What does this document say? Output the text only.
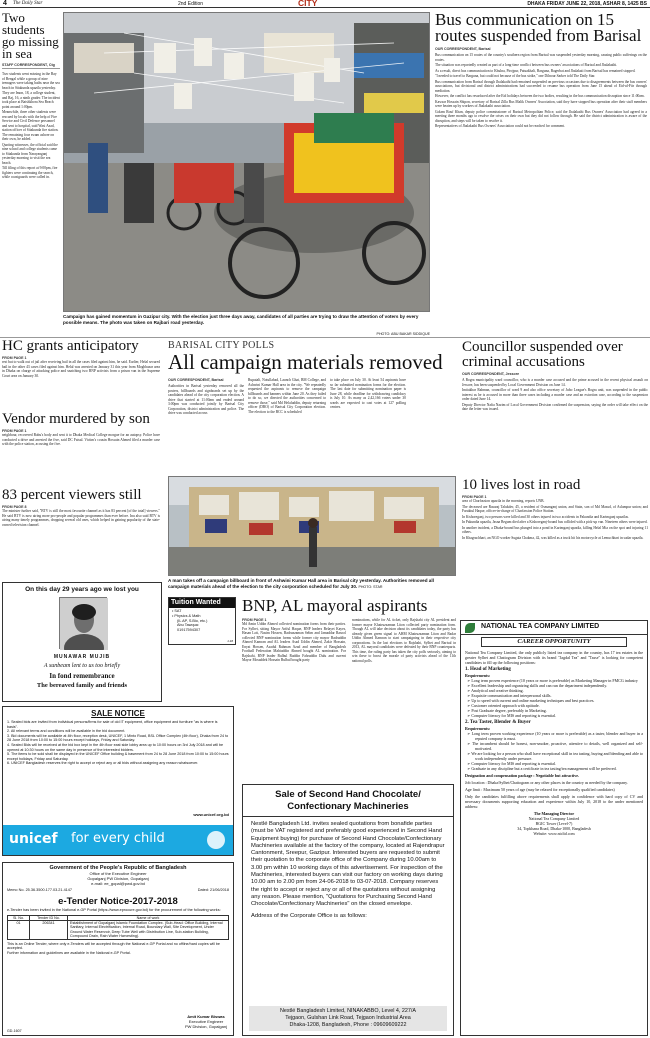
4 The Daily Star	2nd Edition	CITY	DHAKA FRIDAY JUNE 22, 2018, ASHAR 8, 1425 BS
Two students go missing in sea
STAFF CORRESPONDENT, Ctg

Two students went missing in the Bay of Bengal while a group of nine teenagers were taking baths near the sea beach in Sitakunda upazila yesterday.

They are Imon, 18, a college student, and Raj, 16, a ninth grader. The incident took place at Baishkhora Sea Beach point around 1:00pm.

Meanwhile, three other students were rescued by locals with the help of Fire Service and Civil Defence personnel and sent to hospital, said Wasi Azad, station officer of Sitakunda fire station. The remaining four swam ashore on their own, he added.

Quoting witnesses, the official said the nine school and college students came to Sitakunda from Narayanganj yesterday morning to visit the sea beach.

Till filing of this report at 9:00pm, fire fighters were continuing the search, while coastguards were called in.

Campaign has gained momentum in Gazipur city. With the election just three days away, candidates of all parties are trying to draw the attention of voters by every possible means. The photo was taken on Rajbari road yesterday.
PHOTO: ABU BAKAR SIDDIQUE
Bus communication on 15 routes suspended from Barisal
OUR CORRESPONDENT, Barisal

Bus communication on 15 routes of the country's southern region from Barisal was suspended yesterday morning, causing public sufferings on the routes.

The situation was reportedly created as part of a long-time conflict between bus owners' associations of Barisal and Jhalakathi.

As a result, direct bus communication to Khulna, Pirojpur, Patuakhali, Barguna, Bagerhat and Jhalakati from Barisal has remained stopped.

"I needed to travel to Barguna, but could not because of the bus strike," one Dilnour Sarker told The Daily Star.

Bus communication from Barisal through Jhalakathi had remained suspended on previous occasions due to disagreements between the bus owners' associations, but divisional and district administrations had succeeded to resume bus operation from June 15 ahead of Eid-ul-Fitr through mediation.

However, the conflict has resurfaced after the Eid holidays between the two bodies, resulting in the bus communication disruption since 11:00am.

Kawsar Hossain Shipon, secretary of Barisal Zilla Bus Malik Owners' Association, said they have stopped bus operation after their staff members were beaten up by workers of Jhalakathi association.

Golam Rouf Khan, deputy police commissioner of Barisal Metropolitan Police, said the Jhalakathi Bus Owners' Association had agreed in a meeting three months ago to resolve the crises on their own but they did not follow through. He said the district administration is aware of the disruption, and steps will be taken to resolve it.

Representatives of Jhalakathi Bus Owners' Association could not be reached for comment.

HC grants anticipatory
FROM PAGE 1
rest but to walk out of jail after receiving bail in all the cases filed against him, he said. Earlier, Helal secured bail in the other 43 cases filed against him. Helal was arrested on January 31 this year from Moghbazar area in Dhaka on charge of attacking police and snatching two BNP activists from a prison van in the Supreme Court area on January 30.
Vendor murdered by son
FROM PAGE 1
neighbour, recovered Babu's body and sent it to Dhaka Medical College morgue for an autopsy. Police have conducted a drive and arrested the five, said DC Faisal. Victim's cousin Hossain Ahmed filed a murder case with the police station, accusing the five.
83 percent viewers still
FROM PAGE 8
The minister further said, "BTV is still the most favourite channel as it has 83 percent [of the total] viewers." He said BTV is now airing more pro-people and popular programmes than ever before. Inu also said BTV is airing many timely programmes, dropping several old ones, which helped in gaining popularity of the state-owned television channel.
BARISAL CITY POLLS
All campaign materials removed
OUR CORRESPONDENT, Barisal
Authorities in Barisal yesterday removed all the posters, billboards and signboards set up by the candidates ahead of the city corporation election. A drive that started at 11:00am and ended around 3:00pm was conducted jointly by Barisal City Corporation, district administration and police. The drive was conducted across
Rupatali, Notullabad, Launch Ghat, BM College, and Ashwini Kumar Hall area in the city. "We repeatedly requested the aspirants to remove the campaign billboards and banners within June 20. As they failed to do so, we directed the authorities concerned to remove those," said Md Helaluddin, deputy returning officer (DRO) of Barisal City Corporation election. The election to the BCC is scheduled
to take place on July 30. At least 54 aspirants have so far submitted nomination forms for the election. The last date for submitting nomination paper is June 28, while deadline for withdrawing candidacy is July 10. As many as 2,42,166 voters under 30 wards are expected to cast votes at 127 polling centres.
A man takes off a campaign billboard in front of Ashwini Kumar Hall area in Barisal city yesterday. Authorities removed all campaign materials ahead of the election to the city corporation scheduled for July 30. PHOTO: STAR
Councillor suspended over criminal accusations
OUR CORRESPONDENT, Jessore

A Bogra municipality ward councillor, who is a murder case accused and the prime accused in the recent physical assault on Jessore, has been suspended by Local Government Division on June 14.

Imtiakhar Rahman, councillor of ward 9 and also office secretary of Jubo League's Bogra unit, was suspended in the public interest as he is accused in more than three cases including a murder case and an extortion case, according to the suspension order dated June 14.

Deputy Director Nafia Nazim of Local Government Division confirmed the suspension, saying the order will take effect on the date the letter was issued.

10 lives lost in road
FROM PAGE 1

area of Charfassion upazila in the morning, reports UNB.

The deceased are Rasaraj Talukder, 45, a resident of Osmanganj union, and Stain, son of Md Masud, of Aslampur union; and Faruktul Haque, officer-in-charge of Charfassion Police Station.

In Kishoreganj, two persons were killed and 30 others injured in two accidents in Pakundia and Karimganj upazilas.

In Pakundia upazila, Jasna Begum died after a Kishoreganj-bound bus collided with a pick-up van. Nineteen others were injured.

In another incident, a Dhaka-bound bus plunged into a pond in Karimganj upazila, killing Helal Mia on the spot and injuring 11 others.

In Khagrachhari, an NGO worker Sugata Chakma, 42, was killed as a truck hit his motorcycle at Lemuchhari in sadar upazila.

On this day 29 years ago we lost you
MUNAWAR MUJIB
A sunbeam lent to us too briefly
In fond remembrance
The bereaved family and friends
Tuition Wanted
• SAT
• Physics & Math
(IL AP, S.Bio, etc.)
Abu Tawqua:
01917594307
J-18
BNP, AL mayoral aspirants
FROM PAGE 1
Md Amin Uddin Ahmed collected nomination forms from their parties. For Sylhet, sitting Mayor Ariful Haque, BNP leaders Belayet Kayes, Hasan Loti, Nasim Hossen, Badruzzaman Selim and Jamaddar Rasool collected BNP nomination forms while former city mayor Badruddin Ahmed Kamran and AL leaders Asad Uddin Ahmed, Zakir Hossain, Enyat Hossen, Asadul Rahman Azad and member of Bangladesh Football Federation Mahiuddin Ahmed bought AL nomination. For Rajshahi, BNP leader Bulbul Ruddin Fahruddin Dulu and current Mayor Mosaddek Hossain Bulbul bought party
nominations, while for AL ticket, only Rajshahi city AL president and former mayor Khairuzzaman Liton collected party nomination form. Though AL will take decision about its candidates today, the party has already given green signal to AHM Khairuzzaman Liton and Badar Uddin Ahmed Kamran to start campaigning in their respective city corporations. In the last elections to Rajshahi, Sylhet and Barisal in 2013, AL mayoral candidates were defeated by their BNP counterparts. This time, the ruling party has taken the city polls seriously, aiming to win these to boost the morale of party activists ahead of the 11th national polls.
SALE NOTICE
1. Sealed bids are invited from individual persons/firms for sale of old IT equipment, office equipment and furniture "as is where is basis".
2. All relevant terms and conditions will be available in the bid document.
3. Bid documents will be available at 4th floor, reception desk, UNICEF, 1 Minto Road, BSL Office Complex (4th floor), Dhaka from 24 to 28 June 2018 from 10:00 to 15:00 hours except holidays, Friday and Saturday.
4. Sealed Bids will be received at the bid box kept in the 4th floor east side lobby area up to 10:00 hours on 3rd July 2018 and will be opened at 10:30 hours on the same day in presence of the interested bidders.
5. The items to be sold shall be displayed in the UNICEF Office building & basement from 24 to 28 June 2018 from 10:00 to 15:00 hours except holidays, Friday and Saturday.
6. UNICEF Bangladesh reserves the right to accept or reject any or all bids without assigning any reason whatsoever.
www.unicef.org.bd
unicef for every child
Government of the People's Republic of Bangladesh
Office of the Executive Engineer
Gopalganj PW Division, Gopalganj
e-mail: ee_gopal@pwd.gov.bd
Memo No. 25.36.3500.177.03.21.4147	Dated: 21/06/2018
e-Tender Notice-2017-2018
e-Tender has been invited in the National e-GP Portal (https://www.eprocure.gov.bd) for the procurement of the following works:
Sl. No.	Tender ID No.	Name of work
01	206341	Establishment of Gopalganj Islamic Foundation Complex. (Sub-Head: Office Building, Internal Sanitary, Internal Electrification, Internal Road, Boundary Wall, Site Development, Under Ground Water Reservoir, Deep Tube Well with Distribution Line, Sub-station Building, Compound Drain, Rain Water Harvesting).
This is an Online Tender, where only e-Tenders will be accepted through the National e-GP Portal and no offline/hard copies will be accepted.
Further information and guidelines are available in the National e-GP Portal.
Amit Kumar Biswas
Executive Engineer
PW Division, Gopalganj
GD-1607
Sale of Second Hand Chocolate/
Confectionary Machineries
Nestlé Bangladesh Ltd. invites sealed quotations from bonafide parties (must be VAT registered and preferably good experienced in Second Hand Equipment buying) for purchase of Second Hand Chocolate/Confectionary Machineries available at the factory of the company, located at Rajendrapur Cantonment, Sreepur, Gazipur. Interested buyers are requested to submit their quotation to the corporate office of the Company during 10.00am to 3.00 pm within 10 working days of this advertisement. For inspection of the Machineries, interested buyers can visit our factory on working days during 10.00 am to 2.00 pm from 24-06-2018 to 03-07-2018. Company reserves the right to accept or reject any or all of the quotations without assigning any reason. Please mention, "Quotations for Purchasing Second Hand Chocolate/Confectionary Machineries" on the closed envelope.
Address of the Corporate Office is as follows:
Nestlé Bangladesh Limited, NINAKABBO, Level 4, 227/A
Tejgaon, Gulshan Link Road, Tejgaon Industrial Area
Dhaka-1208, Bangladesh, Phone : 09609609222
NATIONAL TEA COMPANY LIMITED
CAREER OPPORTUNITY
National Tea Company Limited, the only publicly listed tea company in the country, has 17 tea estates in the greater Sylhet and Chattogram Division with its brand "Jagdal Tea" and "Tasse" is looking for competent candidates to fill up the following positions:
1. Head of Marketing
Requirements:
➢ Long term proven experience (10 years or more is preferable) as Marketing Manager in FMCG industry
➢ Excellent leadership and organizing skills and can run the department independently.
➢ Analytical and creative thinking.
➢ Exquisite communication and interpersonal skills.
➢ Up to speed with current and online marketing techniques and best practices.
➢ Customer oriented approach with aptitude.
➢ Post Graduate degree, preferably in Marketing.
➢ Computer literacy for MIS and reporting is essential.
2. Tea Taster, Blender & Buyer
Requirements:
➢ Long term proven working experience (10 years or more is preferable) as a taster, blender and buyer in a reputed company is must.
➢ The incumbent should be honest, non-smoker, proactive, attentive to details, well organized and self-motivated.
➢ We are looking for a person who shall have exceptional skill in tea tasting, buying and blending and able to work independently under pressure.
➢ Computer literacy for MIS and reporting is essential.
➢ Graduate in any discipline but a certificate in tea tasting/tea management will be preferred.
Designation and compensation package : Negotiable but attractive.
Job location : Dhaka/Sylhet/Chattogram or any other places in the country as needed by the company.
Age limit : Maximum 50 years of age (may be relaxed for exceptionally qualified candidates)
Only the candidates fulfilling above requirements shall apply in confidence with hard copy of CV and necessary documents supporting education and experience within July 10, 2018 to the under mentioned address:
The Managing Director
National Tea Company Limited
BGIC Tower (Level-7)
34, Topkhana Road, Dhaka-1000, Bangladesh
Website: www.ntcltd.com
